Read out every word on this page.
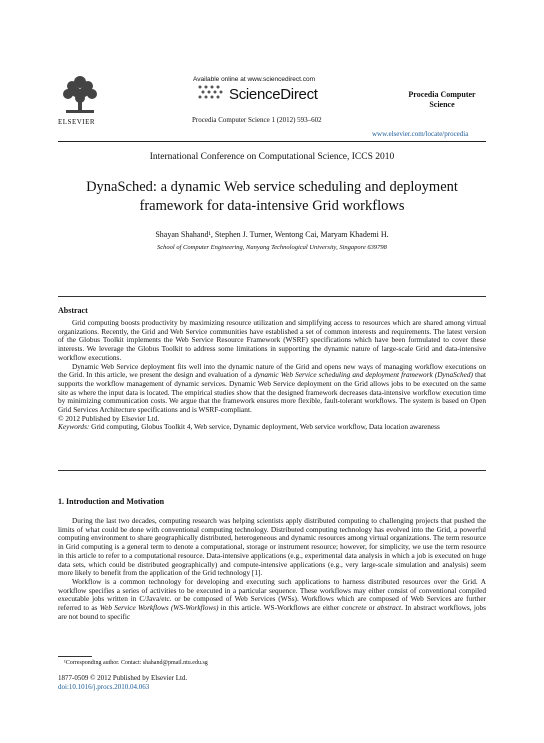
ELSEVIER
Available online at www.sciencedirect.com
ScienceDirect
Procedia Computer Science 1 (2012) 593–602
Procedia Computer
Science
www.elsevier.com/locate/procedia
International Conference on Computational Science, ICCS 2010
DynaSched: a dynamic Web service scheduling and deployment
framework for data-intensive Grid workflows
Shayan Shahand¹, Stephen J. Turner, Wentong Cai, Maryam Khademi H.
School of Computer Engineering, Nanyang Technological University, Singapore 639798
Abstract

Grid computing boosts productivity by maximizing resource utilization and simplifying access to resources which are shared among virtual organizations. Recently, the Grid and Web Service communities have established a set of common interests and requirements. The latest version of the Globus Toolkit implements the Web Service Resource Framework (WSRF) specifications which have been formulated to cover these interests. We leverage the Globus Toolkit to address some limitations in supporting the dynamic nature of large-scale Grid and data-intensive workflow executions.

Dynamic Web Service deployment fits well into the dynamic nature of the Grid and opens new ways of managing workflow executions on the Grid. In this article, we present the design and evaluation of a dynamic Web Service scheduling and deployment framework (DynaSched) that supports the workflow management of dynamic services. Dynamic Web Service deployment on the Grid allows jobs to be executed on the same site as where the input data is located. The empirical studies show that the designed framework decreases data-intensive workflow execution time by minimizing communication costs. We argue that the framework ensures more flexible, fault-tolerant workflows. The system is based on Open Grid Services Architecture specifications and is WSRF-compliant.

© 2012 Published by Elsevier Ltd.

Keywords: Grid computing, Globus Toolkit 4, Web service, Dynamic deployment, Web service workflow, Data location awareness

1. Introduction and Motivation

During the last two decades, computing research was helping scientists apply distributed computing to challenging projects that pushed the limits of what could be done with conventional computing technology. Distributed computing technology has evolved into the Grid, a powerful computing environment to share geographically distributed, heterogeneous and dynamic resources among virtual organizations. The term resource in Grid computing is a general term to denote a computational, storage or instrument resource; however, for simplicity, we use the term resource in this article to refer to a computational resource. Data-intensive applications (e.g., experimental data analysis in which a job is executed on huge data sets, which could be distributed geographically) and compute-intensive applications (e.g., very large-scale simulation and analysis) seem more likely to benefit from the application of the Grid technology [1].

Workflow is a common technology for developing and executing such applications to harness distributed resources over the Grid. A workflow specifies a series of activities to be executed in a particular sequence. These workflows may either consist of conventional compiled executable jobs written in C/Java/etc. or be composed of Web Services (WSs). Workflows which are composed of Web Services are further referred to as Web Service Workflows (WS-Workflows) in this article. WS-Workflows are either concrete or abstract. In abstract workflows, jobs are not bound to specific

¹Corresponding author. Contact: shahand@pmail.ntu.edu.sg
1877-0509 © 2012 Published by Elsevier Ltd.
doi:10.1016/j.procs.2010.04.063
